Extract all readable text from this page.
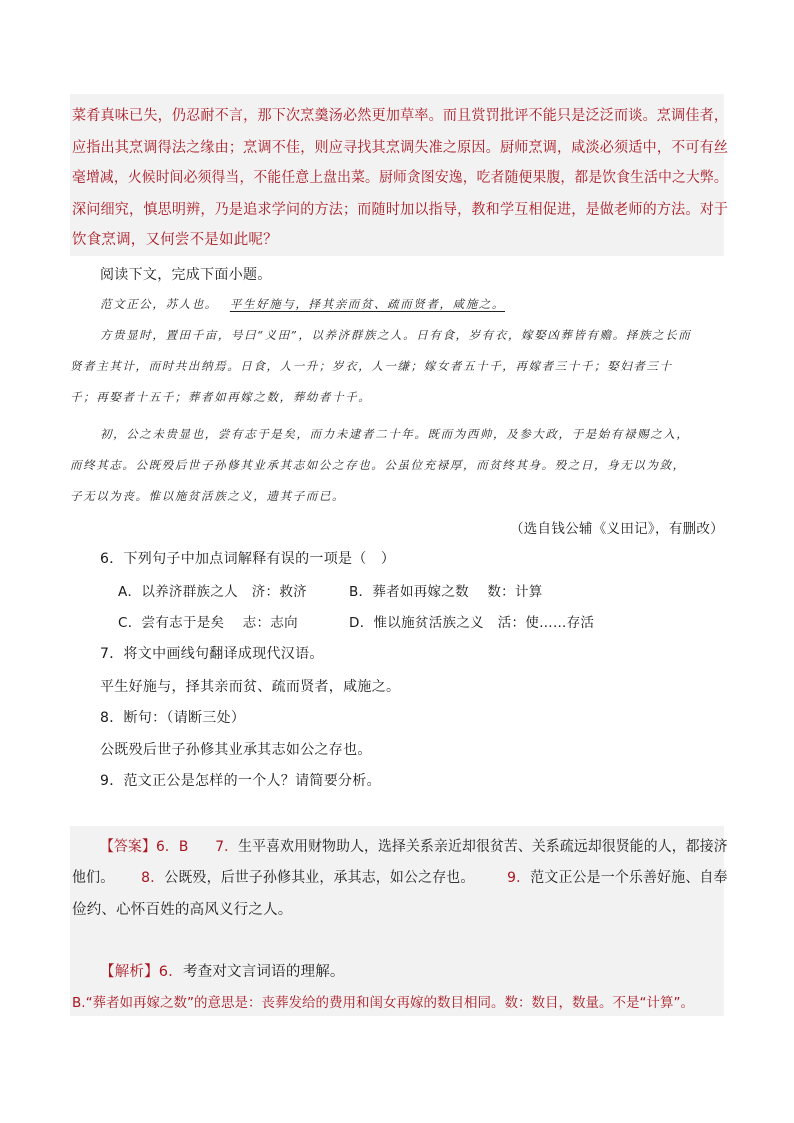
菜肴真味已失，仍忍耐不言，那下次烹羹汤必然更加草率。而且赏罚批评不能只是泛泛而谈。烹调佳者，
应指出其烹调得法之缘由；烹调不佳，则应寻找其烹调失准之原因。厨师烹调，咸淡必须适中，不可有丝
毫增减，火候时间必须得当，不能任意上盘出菜。厨师贪图安逸，吃者随便果腹，都是饮食生活中之大弊。
深问细究，慎思明辨，乃是追求学问的方法；而随时加以指导，教和学互相促进，是做老师的方法。对于
饮食烹调，又何尝不是如此呢？
阅读下文，完成下面小题。
范文正公，苏人也。 平生好施与，择其亲而贫、疏而贤者，咸施之。
方贵显时，置田千亩，号曰“义田”，以养济群族之人。日有食，岁有衣，嫁娶凶葬皆有赡。择族之长而
贤者主其计，而时共出纳焉。日食，人一升；岁衣，人一缣；嫁女者五十千，再嫁者三十千；娶妇者三十
千；再娶者十五千；葬者如再嫁之数，葬幼者十千。
初，公之未贵显也，尝有志于是矣，而力未逮者二十年。既而为西帅，及参大政，于是始有禄赐之入，
而终其志。公既殁后世子孙修其业承其志如公之存也。公虽位充禄厚，而贫终其身。殁之日，身无以为敛，
子无以为丧。惟以施贫活族之义，遗其子而已。
（选自钱公辅《义田记》，有删改）
6．下列句子中加点词解释有误的一项是（　）
A．以养济群族之人　济：救济	B．葬者如再嫁之数　 数：计算
C．尝有志于是矣　 志：志向	D．惟以施贫活族之义　活：使……存活
7．将文中画线句翻译成现代汉语。
平生好施与，择其亲而贫、疏而贤者，咸施之。
8．断句：（请断三处）
公既殁后世子孙修其业承其志如公之存也。
9．范文正公是怎样的一个人？请简要分析。
【答案】6．B 7．生平喜欢用财物助人，选择关系亲近却很贫苦、关系疏远却很贤能的人，都接济
他们。 8．公既殁，后世子孙修其业，承其志，如公之存也。 9．范文正公是一个乐善好施、自奉
俭约、心怀百姓的高风义行之人。
【解析】6．考查对文言词语的理解。
B.“葬者如再嫁之数”的意思是：丧葬发给的费用和闺女再嫁的数目相同。数：数目，数量。不是“计算”。
